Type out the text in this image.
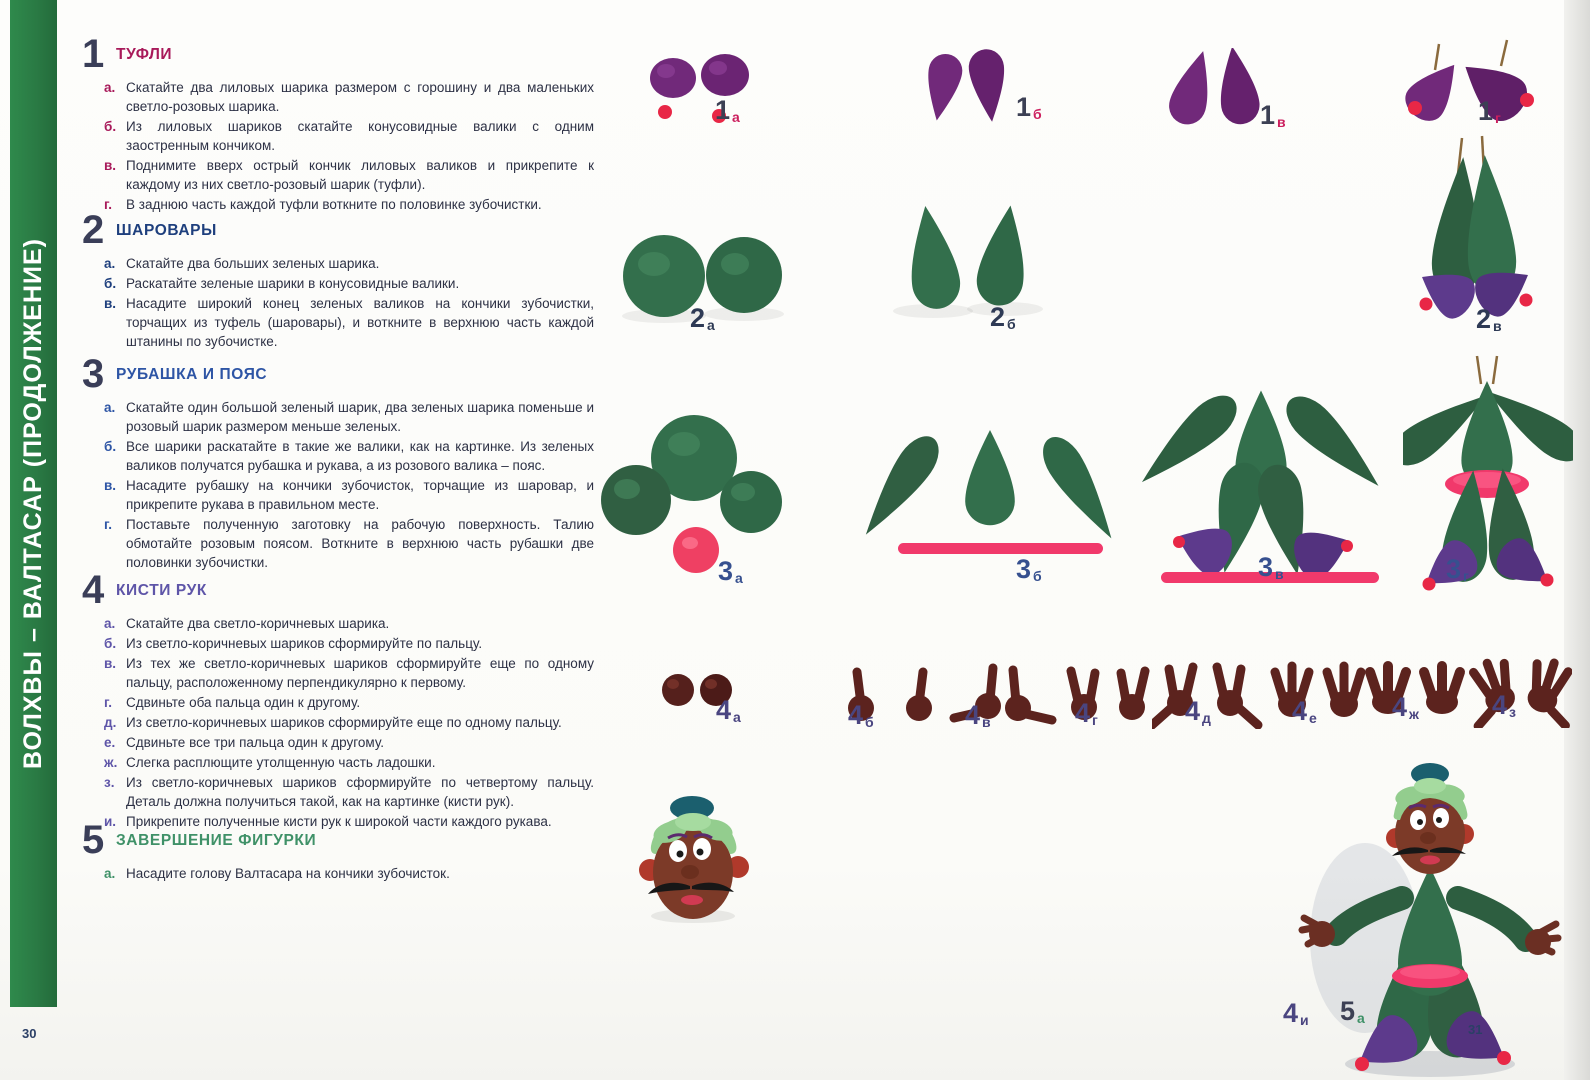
ВОЛХВЫ – ВАЛТАСАР (ПРОДОЛЖЕНИЕ)
1 ТУФЛИ
а. Скатайте два лиловых шарика размером с горошину и два маленьких светло-розовых шарика.

б. Из лиловых шариков скатайте конусовидные валики с одним заостренным кончиком.

в. Поднимите вверх острый кончик лиловых валиков и прикрепите к каждому из них светло-розовый шарик (туфли).

г.	В заднюю часть каждой туфли воткните по половинке зубочистки.

2 ШАРОВАРЫ
а. Скатайте два больших зеленых шарика.

б. Раскатайте зеленые шарики в конусовидные валики.

в. Насадите широкий конец зеленых валиков на кончики зубочистки, торчащих из туфель (шаровары), и воткните в верхнюю часть каждой штанины по зубочистке.

3 РУБАШКА И ПОЯС
а. Скатайте один большой зеленый шарик, два зеленых шарика поменьше и розовый шарик размером меньше зеленых.

б. Все шарики раскатайте в такие же валики, как на картинке. Из зеленых валиков получатся рубашка и рукава, а из розового валика – пояс.

в. Насадите рубашку на кончики зубочисток, торчащие из шаровар, и прикрепите рукава в правильном месте.

г.	Поставьте полученную заготовку на рабочую поверхность. Талию обмотайте розовым поясом. Воткните в верхнюю часть рубашки две половинки зубочистки.

4 КИСТИ РУК
а. Скатайте два светло-коричневых шарика.

б. Из светло-коричневых шариков сформируйте по пальцу.

в. Из тех же светло-коричневых шариков сформируйте еще по одному пальцу, расположенному перпендикулярно к первому.

г.	Сдвиньте оба пальца один к другому.

д. Из светло-коричневых шариков сформируйте еще по одному пальцу.

е. Сдвиньте все три пальца один к другому.

ж. Слегка расплющите утолщенную часть ладошки.

з. Из светло-коричневых шариков сформируйте по четвертому пальцу. Деталь должна получиться такой, как на картинке (кисти рук).

и. Прикрепите полученные кисти рук к широкой части каждого рукава.

5 ЗАВЕРШЕНИЕ ФИГУРКИ
а. Насадите голову Валтасара на кончики зубочисток.

1 а
2 а
3 а
4 а
1 б
2 б
3 б
1 в
3 в
1 г
2 в
3 г
4 б	4 в	4 г	4 д	4 е	4 ж	4 з
4 и 5 а
30	31
